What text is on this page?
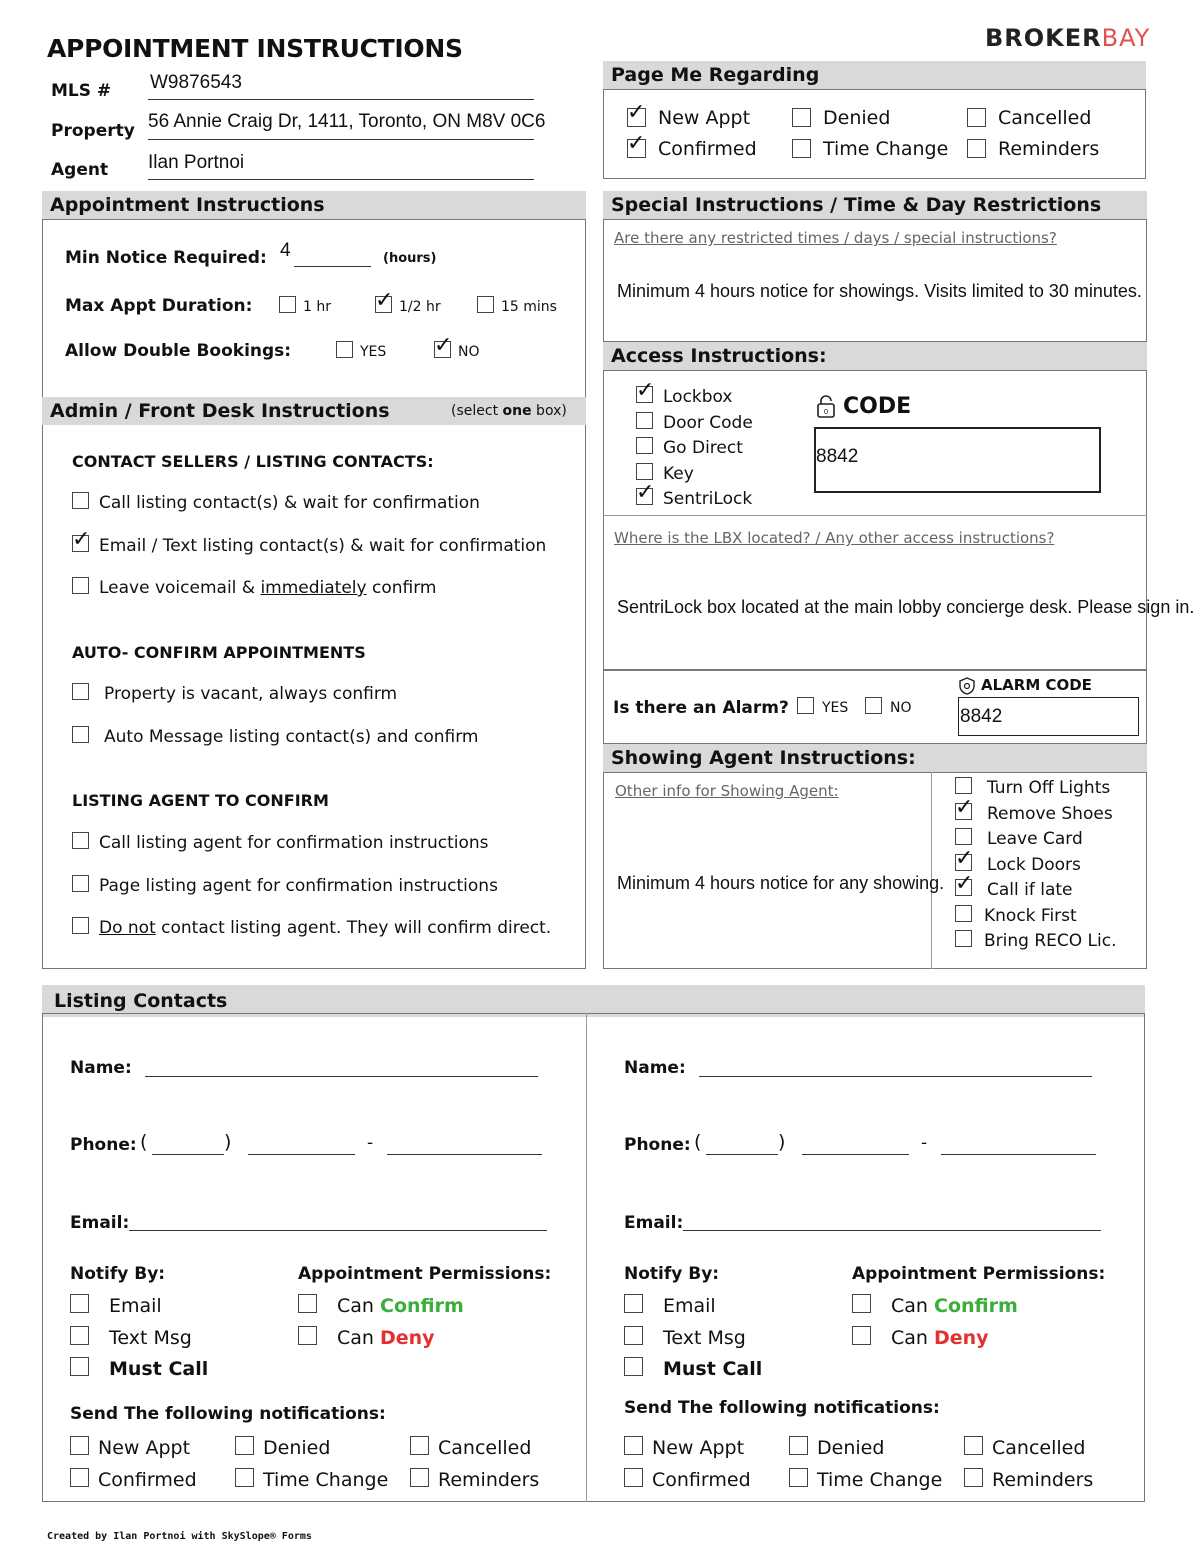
APPOINTMENT INSTRUCTIONS	BROKERBAY
MLS # W9876543
Property 56 Annie Craig Dr, 1411, Toronto, ON M8V 0C6
Agent Ilan Portnoi
Page Me Regarding
✓ New Appt	Denied	Cancelled
✓ Confirmed	Time Change	Reminders
Appointment Instructions
Min Notice Required: 4	(hours)
Max Appt Duration:	1 hr ✓ 1/2 hr	15 mins
Allow Double Bookings:	YES ✓ NO
Admin / Front Desk Instructions	(select one box)
CONTACT SELLERS / LISTING CONTACTS:
AUTO- CONFIRM APPOINTMENTS
LISTING AGENT TO CONFIRM
Call listing contact(s) & wait for confirmation
✓ Email / Text listing contact(s) & wait for confirmation
Property is vacant, always confirm
Auto Message listing contact(s) and confirm
Call listing agent for confirmation instructions
Page listing agent for confirmation instructions
Leave voicemail & immediately confirm
Do not contact listing agent. They will confirm direct.
Special Instructions / Time & Day Restrictions
Are there any restricted times / days / special instructions?
Minimum 4 hours notice for showings. Visits limited to 30 minutes.
Access Instructions:
✓ Lockbox
Door Code
Go Direct
Key
✓ SentriLock
0 CODE
8842
Where is the LBX located? / Any other access instructions?
SentriLock box located at the main lobby concierge desk. Please sign in.
Is there an Alarm? YES	NO
ALARM CODE
8842
Showing Agent Instructions:
Other info for Showing Agent:
Minimum 4 hours notice for any showing.
Turn Off Lights
✓ Remove Shoes
Leave Card
✓ Lock Doors
✓ Call if late
Knock First
Bring RECO Lic.
Listing Contacts
Name:
Phone: (	)	-
Email:
Notify By:	Appointment Permissions:
Email
Text Msg
Must Call
Can Confirm
Can Deny
Send The following notifications:
New Appt	Denied	Cancelled
Confirmed	Time Change	Reminders
Name:
Phone: (	)	-
Email:
Notify By:	Appointment Permissions:
Email
Text Msg
Must Call
Can Confirm
Can Deny
Send The following notifications:
New Appt	Denied	Cancelled
Confirmed	Time Change	Reminders
Created by Ilan Portnoi with SkySlope® Forms
